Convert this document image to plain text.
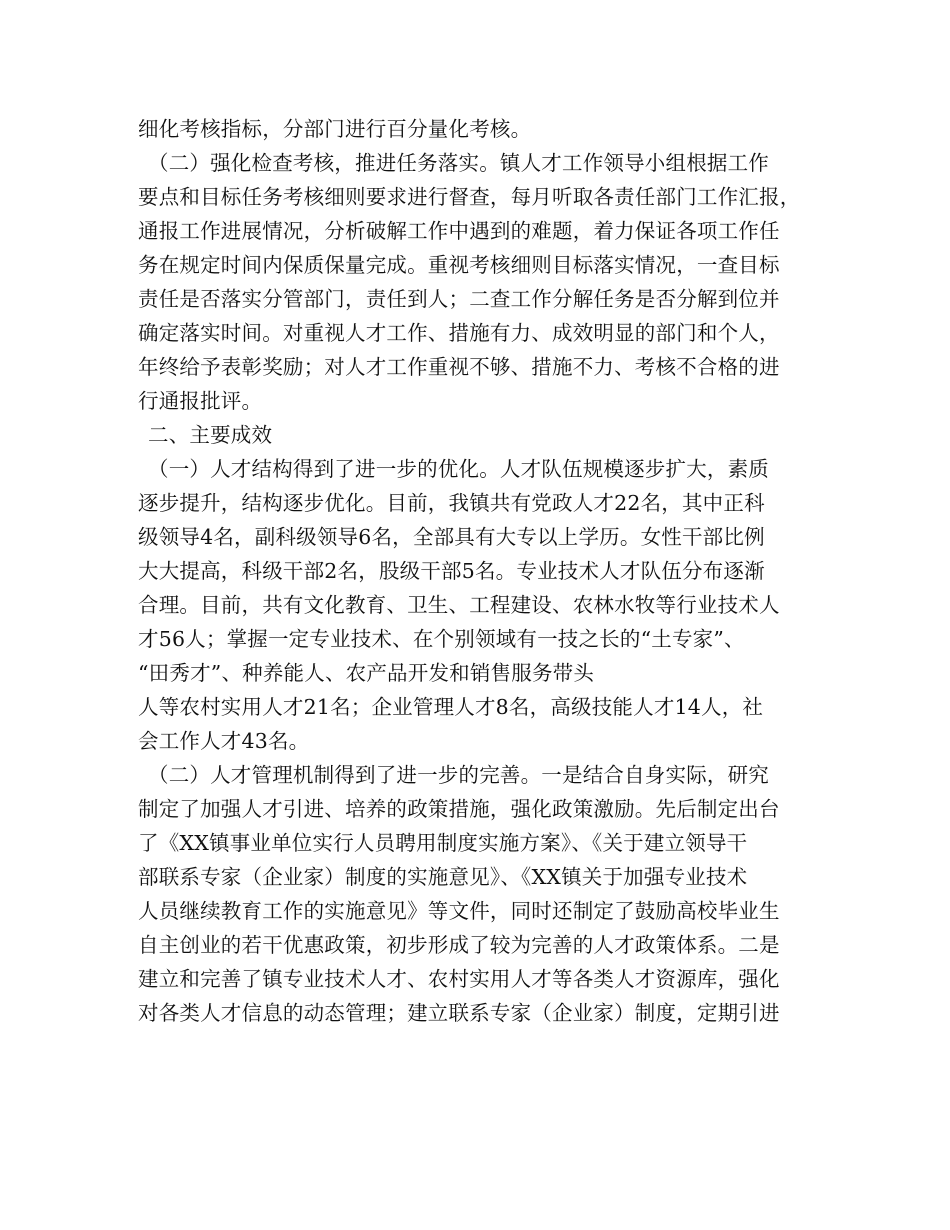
细化考核指标，分部门进行百分量化考核。
（二）强化检查考核，推进任务落实。镇人才工作领导小组根据工作
要点和目标任务考核细则要求进行督查，每月听取各责任部门工作汇报，
通报工作进展情况，分析破解工作中遇到的难题，着力保证各项工作任
务在规定时间内保质保量完成。重视考核细则目标落实情况，一查目标
责任是否落实分管部门，责任到人；二查工作分解任务是否分解到位并
确定落实时间。对重视人才工作、措施有力、成效明显的部门和个人，
年终给予表彰奖励；对人才工作重视不够、措施不力、考核不合格的进
行通报批评。
二、主要成效
（一）人才结构得到了进一步的优化。人才队伍规模逐步扩大，素质
逐步提升，结构逐步优化。目前，我镇共有党政人才22名，其中正科
级领导4名，副科级领导6名，全部具有大专以上学历。女性干部比例
大大提高，科级干部2名，股级干部5名。专业技术人才队伍分布逐渐
合理。目前，共有文化教育、卫生、工程建设、农林水牧等行业技术人
才56人；掌握一定专业技术、在个别领域有一技之长的“土专家”、
“田秀才”、种养能人、农产品开发和销售服务带头
人等农村实用人才21名；企业管理人才8名，高级技能人才14人，社
会工作人才43名。
（二）人才管理机制得到了进一步的完善。一是结合自身实际，研究
制定了加强人才引进、培养的政策措施，强化政策激励。先后制定出台
了《XX镇事业单位实行人员聘用制度实施方案》、《关于建立领导干
部联系专家（企业家）制度的实施意见》、《XX镇关于加强专业技术
人员继续教育工作的实施意见》等文件，同时还制定了鼓励高校毕业生
自主创业的若干优惠政策，初步形成了较为完善的人才政策体系。二是
建立和完善了镇专业技术人才、农村实用人才等各类人才资源库，强化
对各类人才信息的动态管理；建立联系专家（企业家）制度，定期引进
